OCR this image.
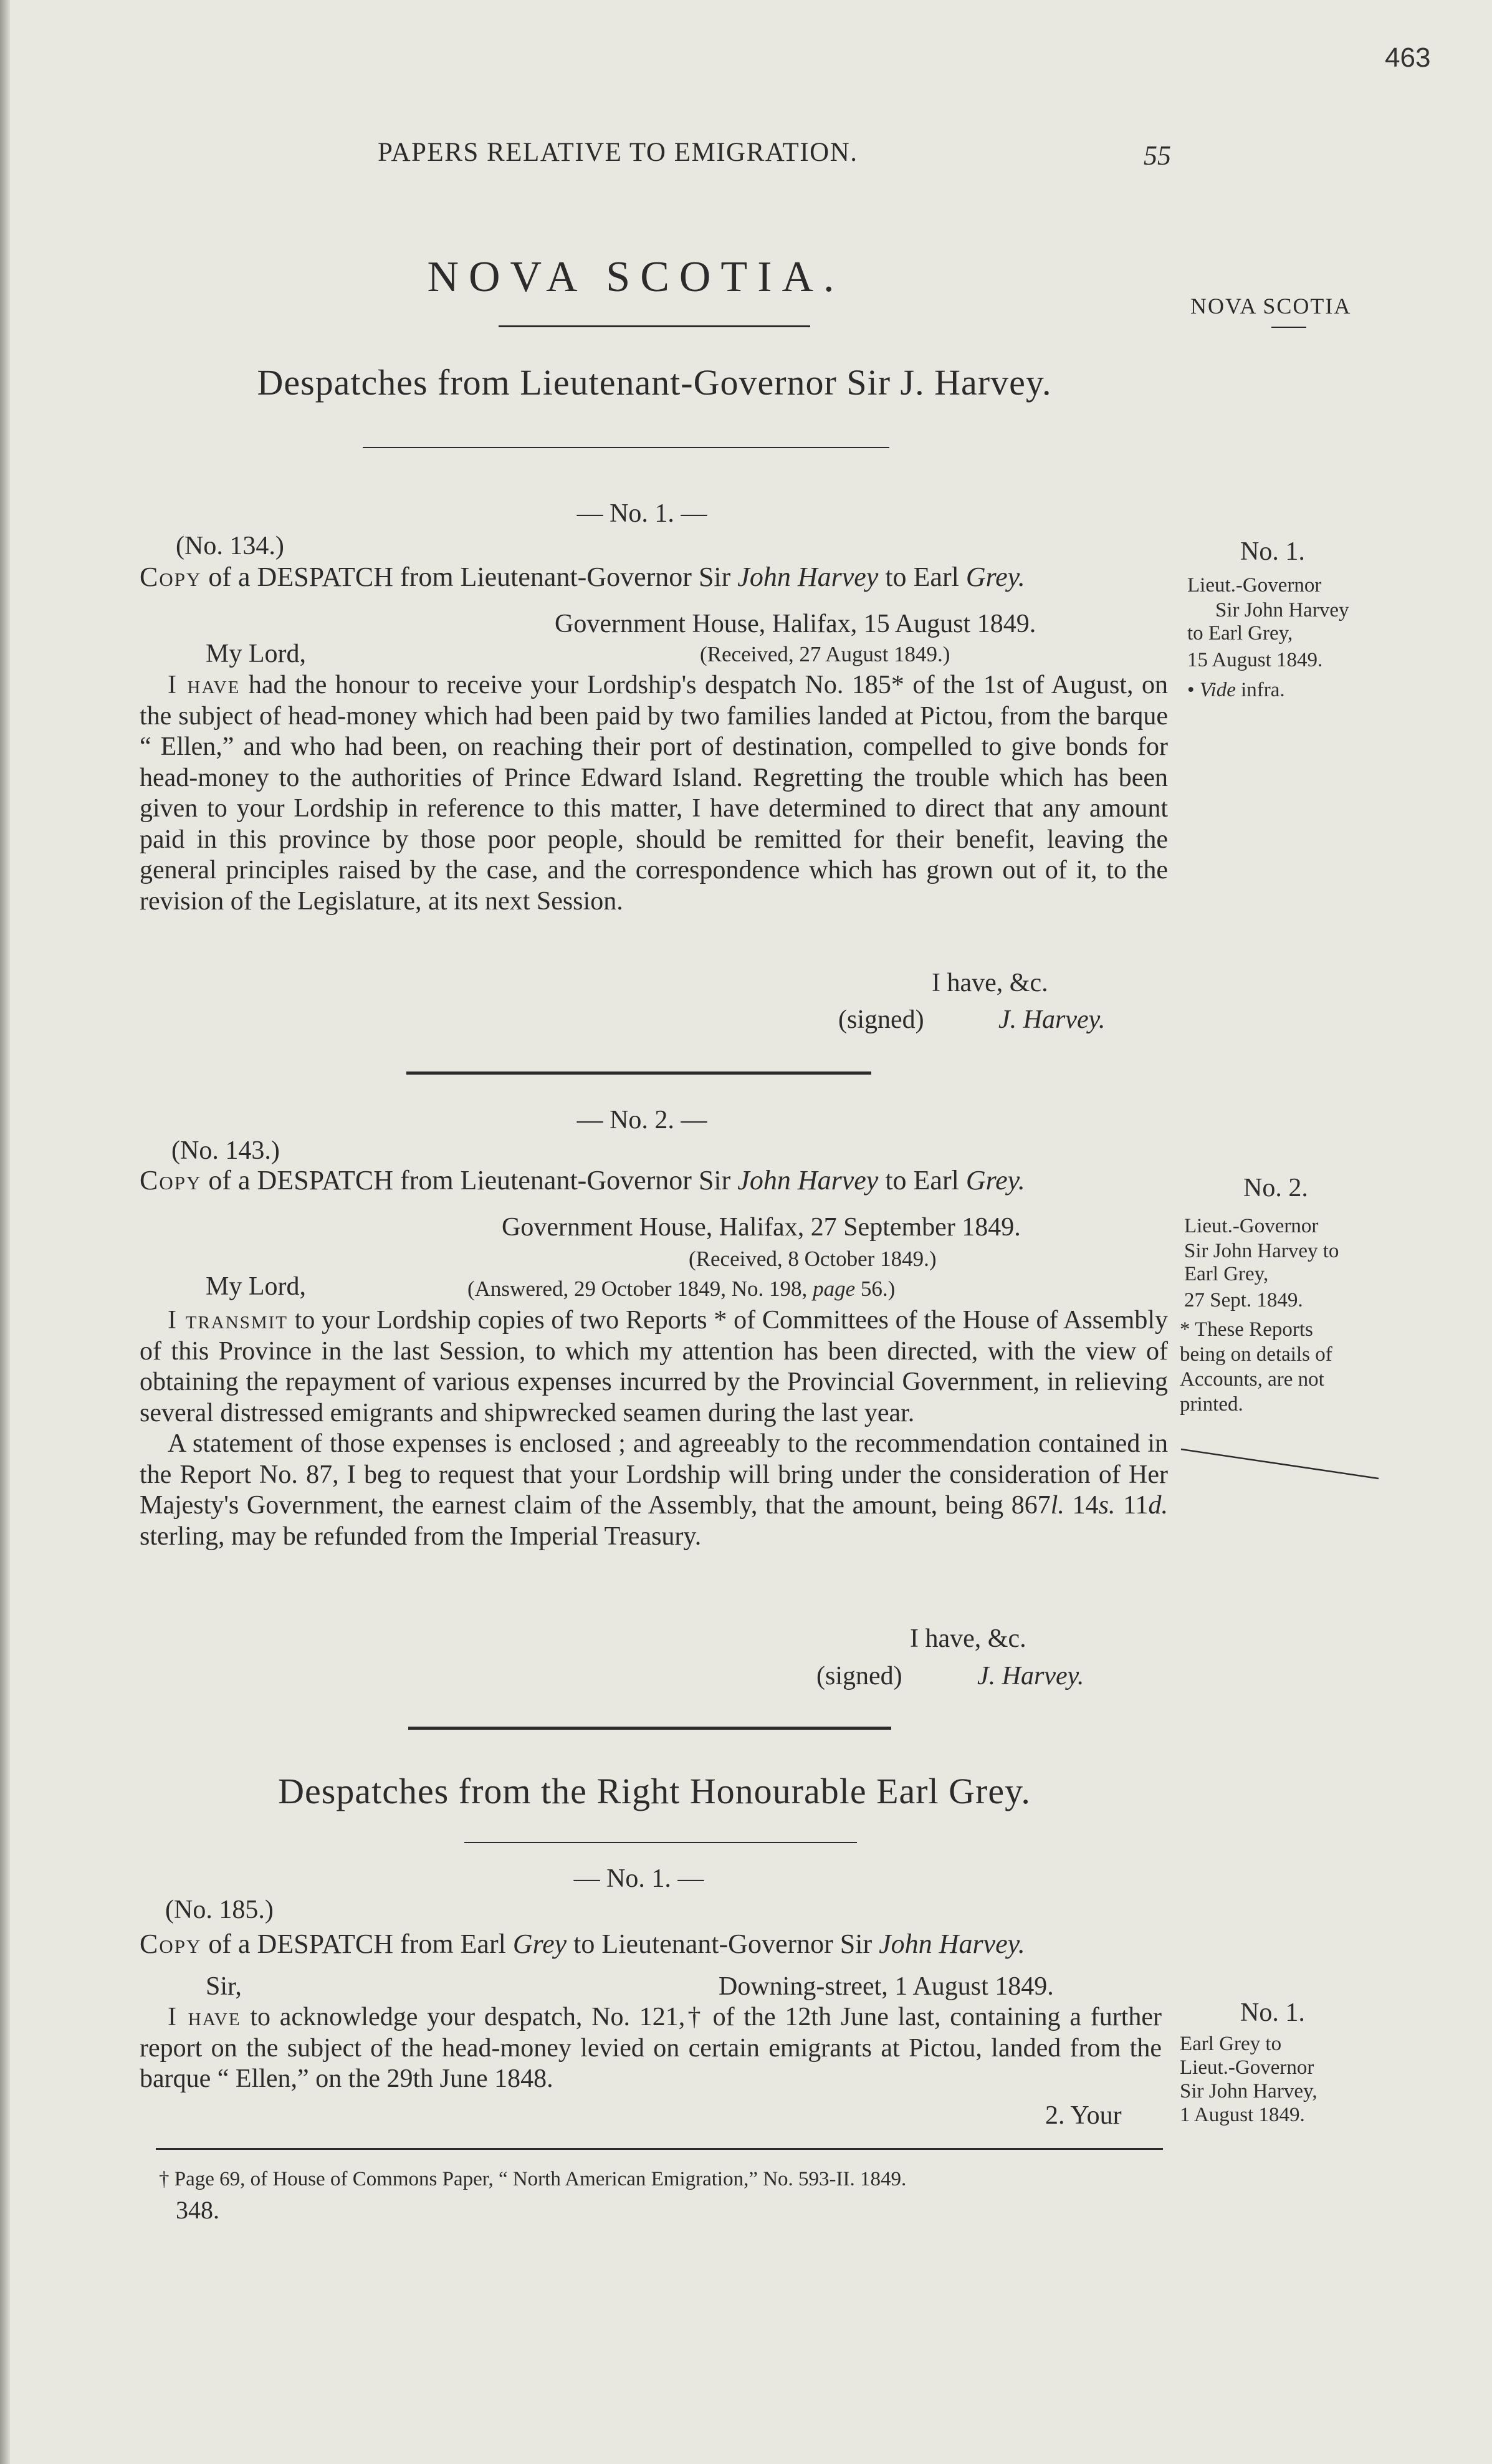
463
PAPERS RELATIVE TO EMIGRATION.	55
NOVA SCOTIA.
NOVA SCOTIA
Despatches from Lieutenant-Governor Sir J. Harvey.
— No. 1. —
(No. 134.)
Copy of a DESPATCH from Lieutenant-Governor Sir John Harvey to Earl Grey.
Government House, Halifax, 15 August 1849.
My Lord,	(Received, 27 August 1849.)

I have had the honour to receive your Lordship's despatch No. 185* of the 1st of August, on the subject of head-money which had been paid by two families landed at Pictou, from the barque “ Ellen,” and who had been, on reaching their port of destination, compelled to give bonds for head-money to the authorities of Prince Edward Island. Regretting the trouble which has been given to your Lordship in reference to this matter, I have determined to direct that any amount paid in this province by those poor people, should be remitted for their benefit, leaving the general principles raised by the case, and the correspondence which has grown out of it, to the revision of the Legislature, at its next Session.

I have, &c.
(signed)	J. Harvey.
No. 1.
Lieut.-Governor
Sir John Harvey
to Earl Grey,
15 August 1849.
• Vide infra.
— No. 2. —
(No. 143.)
Copy of a DESPATCH from Lieutenant-Governor Sir John Harvey to Earl Grey.
Government House, Halifax, 27 September 1849.
(Received, 8 October 1849.)
My Lord,	(Answered, 29 October 1849, No. 198, page 56.)

I transmit to your Lordship copies of two Reports * of Committees of the House of Assembly of this Province in the last Session, to which my attention has been directed, with the view of obtaining the repayment of various expenses incurred by the Provincial Government, in relieving several distressed emigrants and shipwrecked seamen during the last year.

A statement of those expenses is enclosed ; and agreeably to the recommendation contained in the Report No. 87, I beg to request that your Lordship will bring under the consideration of Her Majesty's Government, the earnest claim of the Assembly, that the amount, being 867l. 14s. 11d. sterling, may be refunded from the Imperial Treasury.

I have, &c.
(signed)	J. Harvey.
No. 2.
Lieut.-Governor
Sir John Harvey to
Earl Grey,
27 Sept. 1849.
* These Reports
being on details of
Accounts, are not
printed.
Despatches from the Right Honourable Earl Grey.
— No. 1. —
(No. 185.)
Copy of a DESPATCH from Earl Grey to Lieutenant-Governor Sir John Harvey.
Sir,	Downing-street, 1 August 1849.

I have to acknowledge your despatch, No. 121,† of the 12th June last, containing a further report on the subject of the head-money levied on certain emigrants at Pictou, landed from the barque “ Ellen,” on the 29th June 1848.

2. Your
No. 1.
Earl Grey to
Lieut.-Governor
Sir John Harvey,
1 August 1849.
† Page 69, of House of Commons Paper, “ North American Emigration,” No. 593-II. 1849.
348.
